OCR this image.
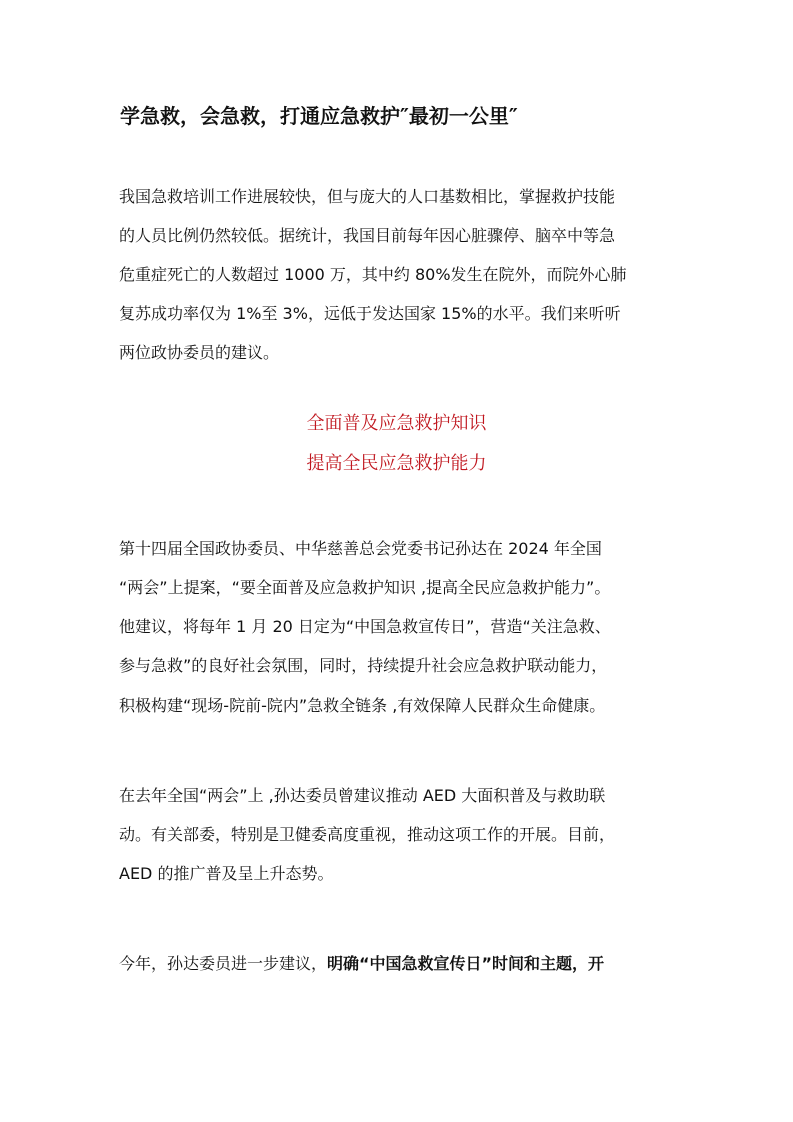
学急救，会急救，打通应急救护″最初一公里″
我国急救培训工作进展较快，但与庞大的人口基数相比，掌握救护技能
的人员比例仍然较低。据统计，我国目前每年因心脏骤停、脑卒中等急
危重症死亡的人数超过 1000 万，其中约 80%发生在院外，而院外心肺
复苏成功率仅为 1%至 3%，远低于发达国家 15%的水平。我们来听听
两位政协委员的建议。
全面普及应急救护知识
提高全民应急救护能力
第十四届全国政协委员、中华慈善总会党委书记孙达在 2024 年全国
“两会”上提案，“要全面普及应急救护知识 ,提高全民应急救护能力”。
他建议，将每年 1 月 20 日定为“中国急救宣传日”，营造“关注急救、
参与急救”的良好社会氛围，同时，持续提升社会应急救护联动能力，
积极构建“现场-院前-院内”急救全链条 ,有效保障人民群众生命健康。
在去年全国“两会”上 ,孙达委员曾建议推动 AED 大面积普及与救助联
动。有关部委，特别是卫健委高度重视，推动这项工作的开展。目前，
AED 的推广普及呈上升态势。
今年，孙达委员进一步建议，明确“中国急救宣传日”时间和主题，开
